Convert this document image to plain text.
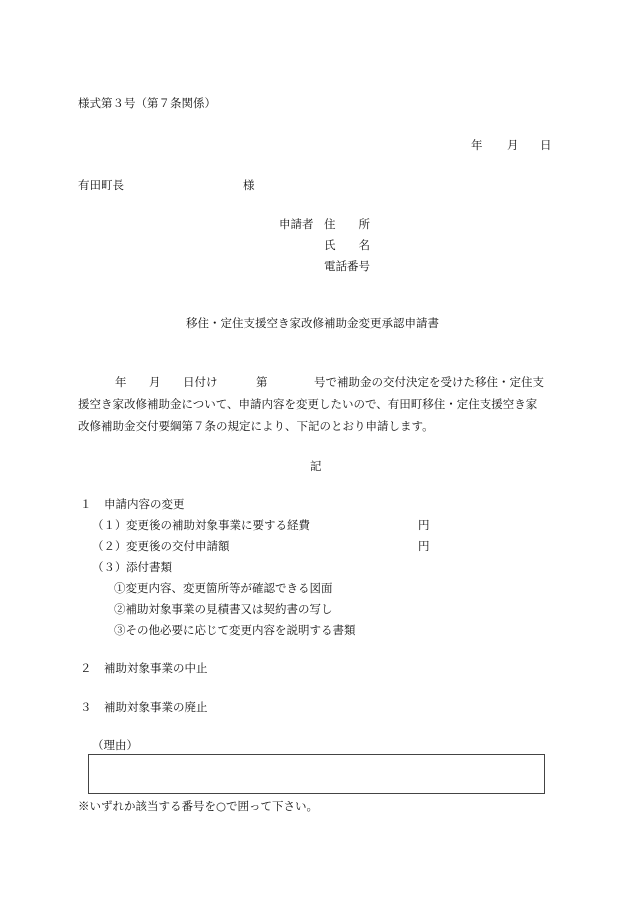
様式第３号（第７条関係）
年 月 日
有田町長	様
申請者 住　　所
氏　　名
電話番号
移住・定住支援空き家改修補助金変更承認申請書
年 月 日付け	第	号で補助金の交付決定を受けた移住・定住支
援空き家改修補助金について、申請内容を変更したいので、有田町移住・定住支援空き家
改修補助金交付要綱第７条の規定により、下記のとおり申請します。
記
１ 申請内容の変更
（１） 変更後の補助対象事業に要する経費	円
（２） 変更後の交付申請額	円
（３） 添付書類
①変更内容、変更箇所等が確認できる図面
②補助対象事業の見積書又は契約書の写し
③その他必要に応じて変更内容を説明する書類
２ 補助対象事業の中止
３ 補助対象事業の廃止
（理由）
※いずれか該当する番号を○で囲って下さい。
